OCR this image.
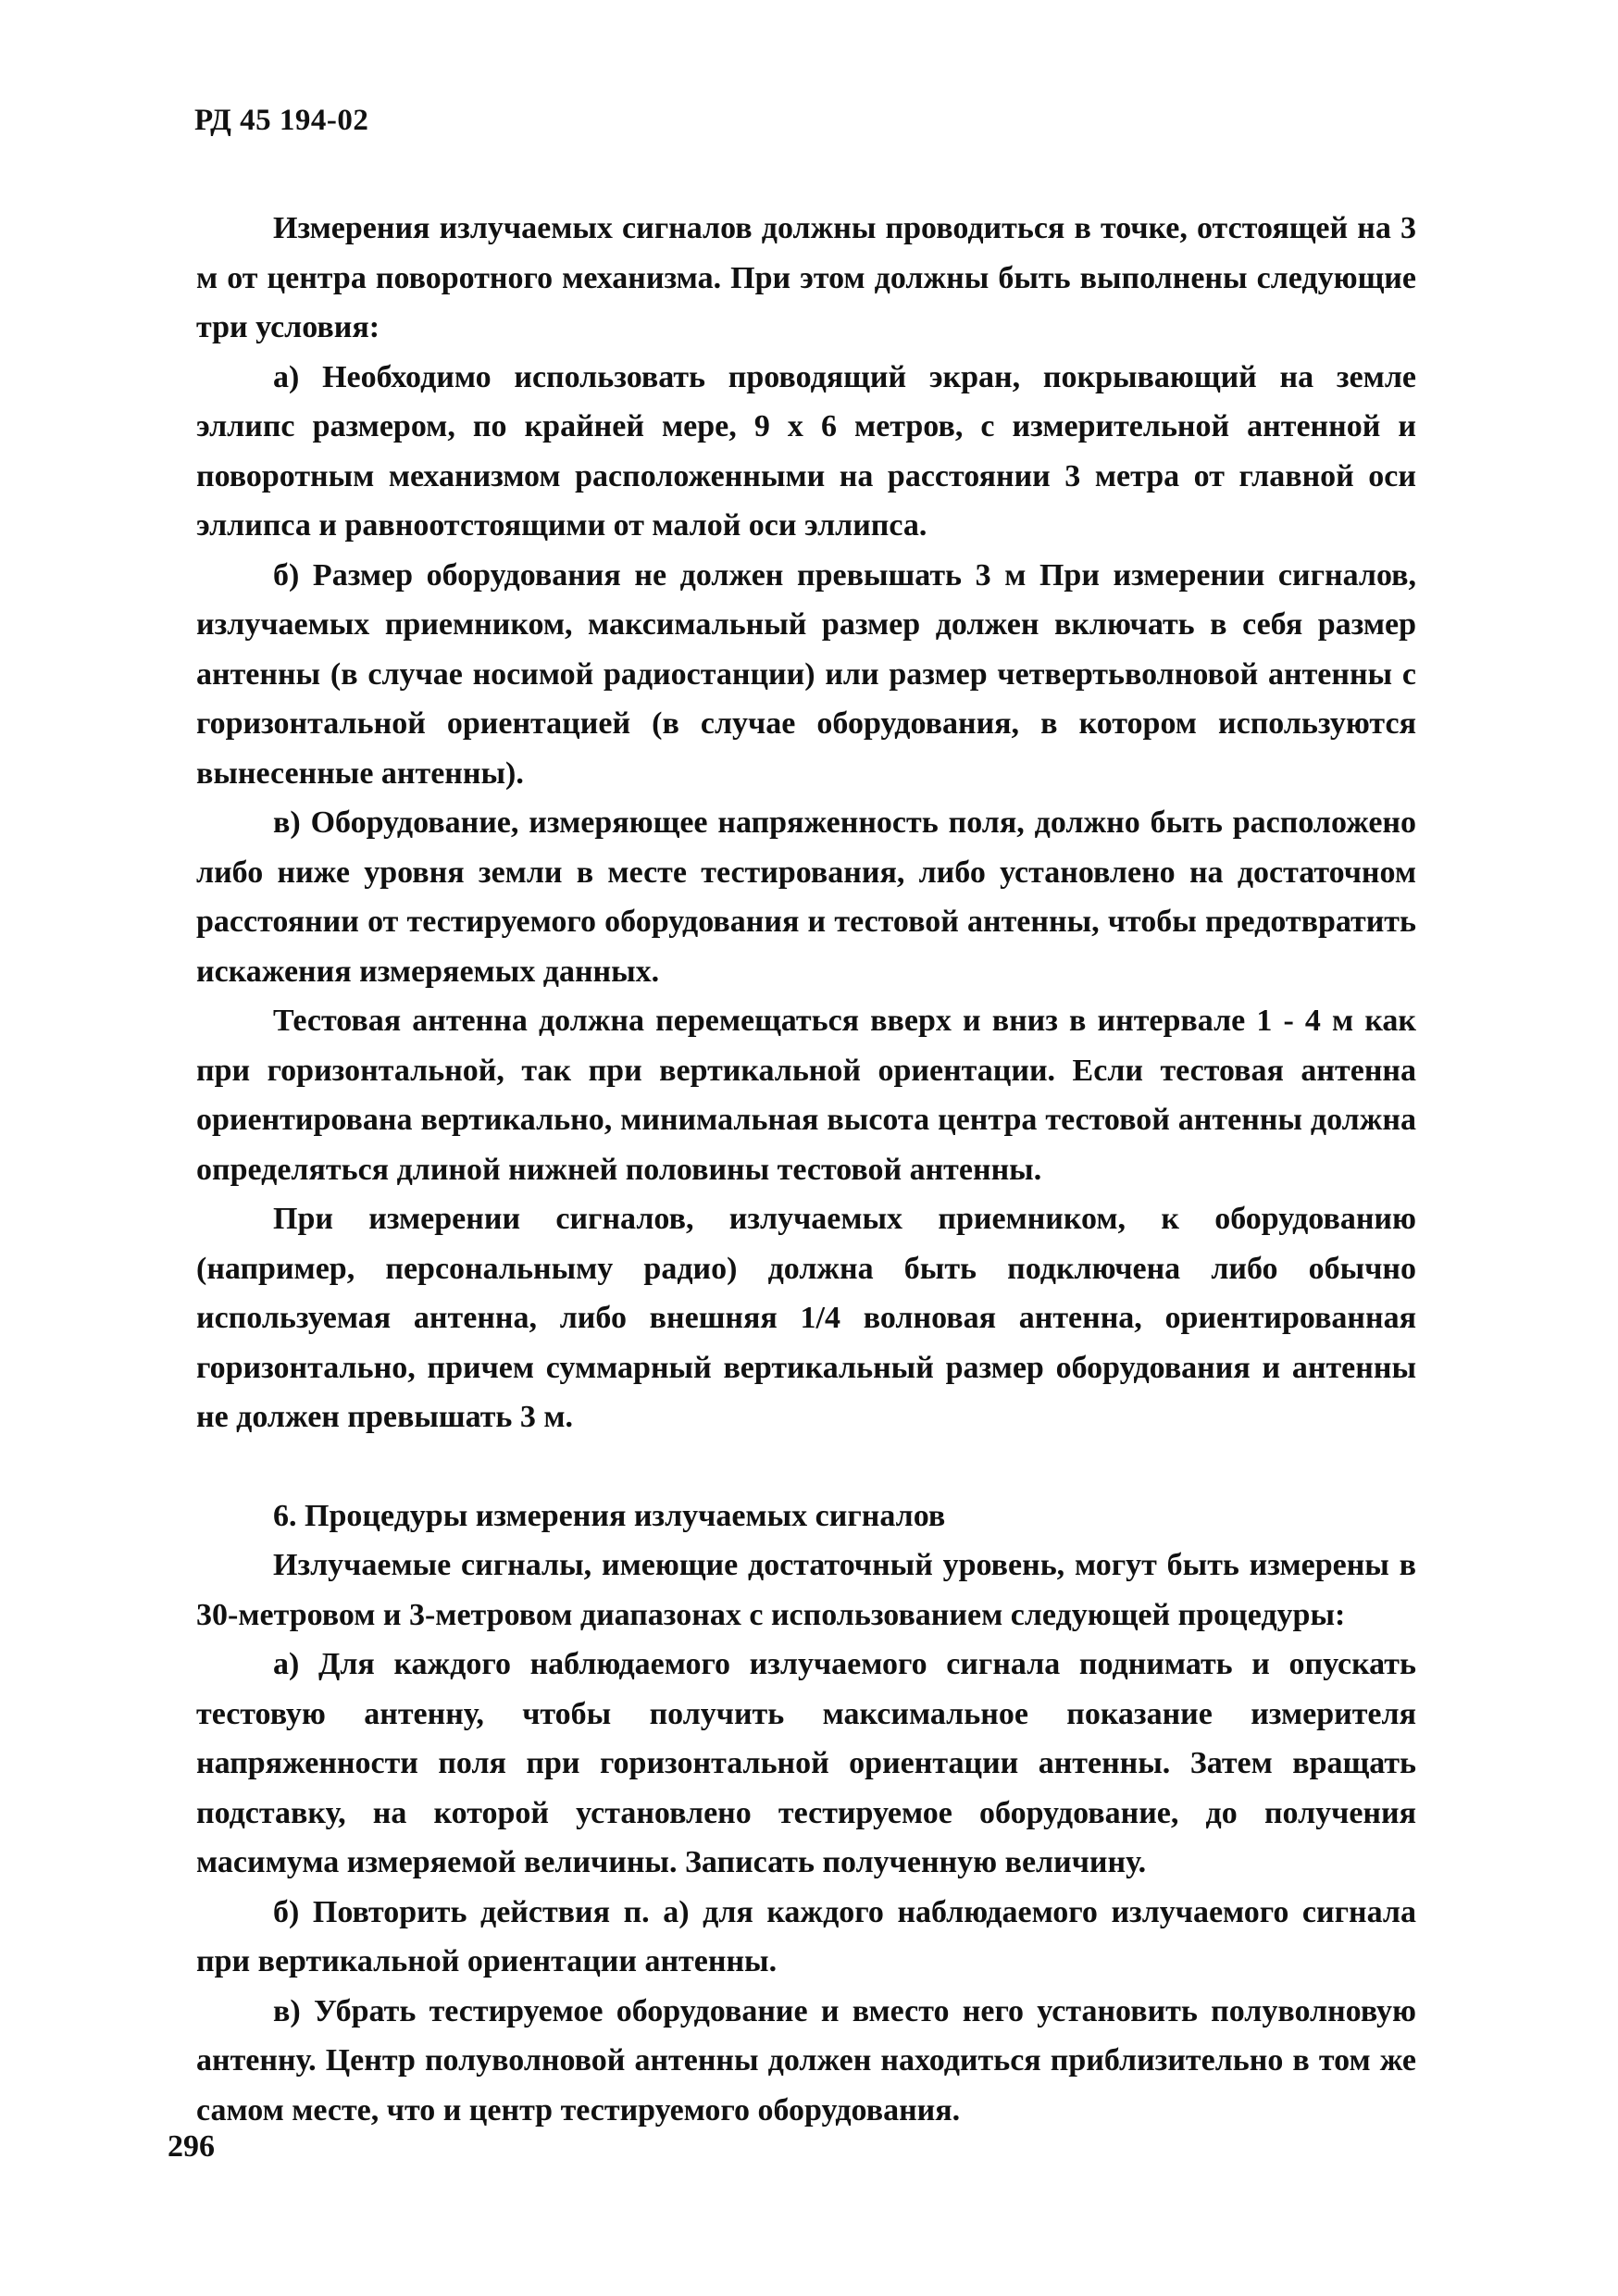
РД 45 194-02

Измерения излучаемых сигналов должны проводиться в точке, отстоящей на 3 м от центра поворотного механизма. При этом должны быть выполнены следующие три условия:

а) Необходимо использовать проводящий экран, покрывающий на земле эллипс размером, по крайней мере, 9 х 6 метров, с измерительной антенной и поворотным механизмом расположенными на расстоянии 3 метра от главной оси эллипса и равноотстоящими от малой оси эллипса.

б) Размер оборудования не должен превышать 3 м При измерении сигналов, излучаемых приемником, максимальный размер должен включать в себя размер антенны (в случае носимой радиостанции) или размер четвертьволновой антенны с горизонтальной ориентацией (в случае оборудования, в котором используются вынесенные антенны).

в) Оборудование, измеряющее напряженность поля, должно быть расположено либо ниже уровня земли в месте тестирования, либо установлено на достаточном расстоянии от тестируемого оборудования и тестовой антенны, чтобы предотвратить искажения измеряемых данных.

Тестовая антенна должна перемещаться вверх и вниз в интервале 1 - 4 м как при горизонтальной, так при вертикальной ориентации. Если тестовая антенна ориентирована вертикально, минимальная высота центра тестовой антенны должна определяться длиной нижней половины тестовой антенны.

При измерении сигналов, излучаемых приемником, к оборудованию (например, персональныму радио) должна быть подключена либо обычно используемая антенна, либо внешняя 1/4 волновая антенна, ориентированная горизонтально, причем суммарный вертикальный размер оборудования и антенны не должен превышать 3 м.

6. Процедуры измерения излучаемых сигналов

Излучаемые сигналы, имеющие достаточный уровень, могут быть измерены в 30-метровом и 3-метровом диапазонах с использованием следующей процедуры:

а) Для каждого наблюдаемого излучаемого сигнала поднимать и опускать тестовую антенну, чтобы получить максимальное показание измерителя напряженности поля при горизонтальной ориентации антенны. Затем вращать подставку, на которой установлено тестируемое оборудование, до получения масимума измеряемой величины. Записать полученную величину.

б) Повторить действия п. а) для каждого наблюдаемого излучаемого сигнала при вертикальной ориентации антенны.

в) Убрать тестируемое оборудование и вместо него установить полуволновую антенну. Центр полуволновой антенны должен находиться приблизительно в том же самом месте, что и центр тестируемого оборудования.

296
